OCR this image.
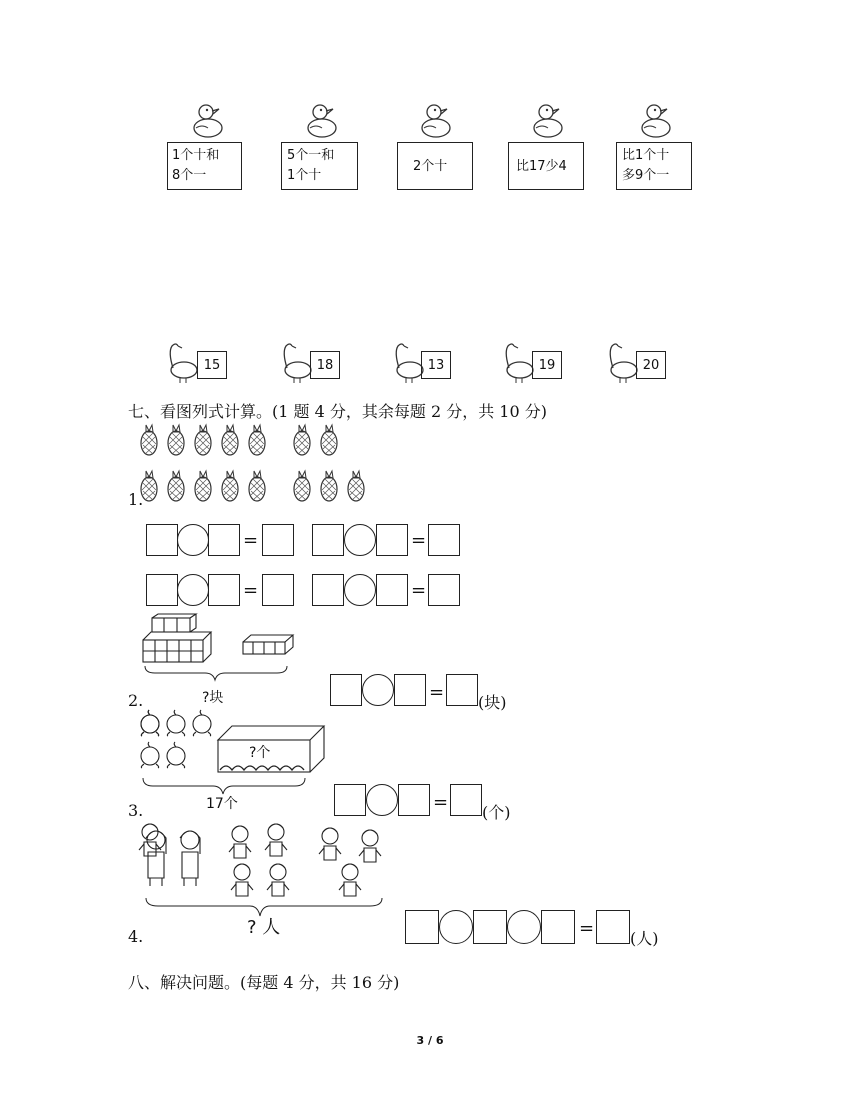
1个十和
8个一
5个一和
1个十
2个十	比17少4
比1个十
多9个一
15	18	13	19	20
七、看图列式计算。(1 题 4 分，其余每题 2 分，共 10 分)
1.
=	=
=	=
2.	?块	= (块)
?个
3.	17个	= (个)
4.	? 人	= (人)
八、解决问题。(每题 4 分，共 16 分)
3 / 6
